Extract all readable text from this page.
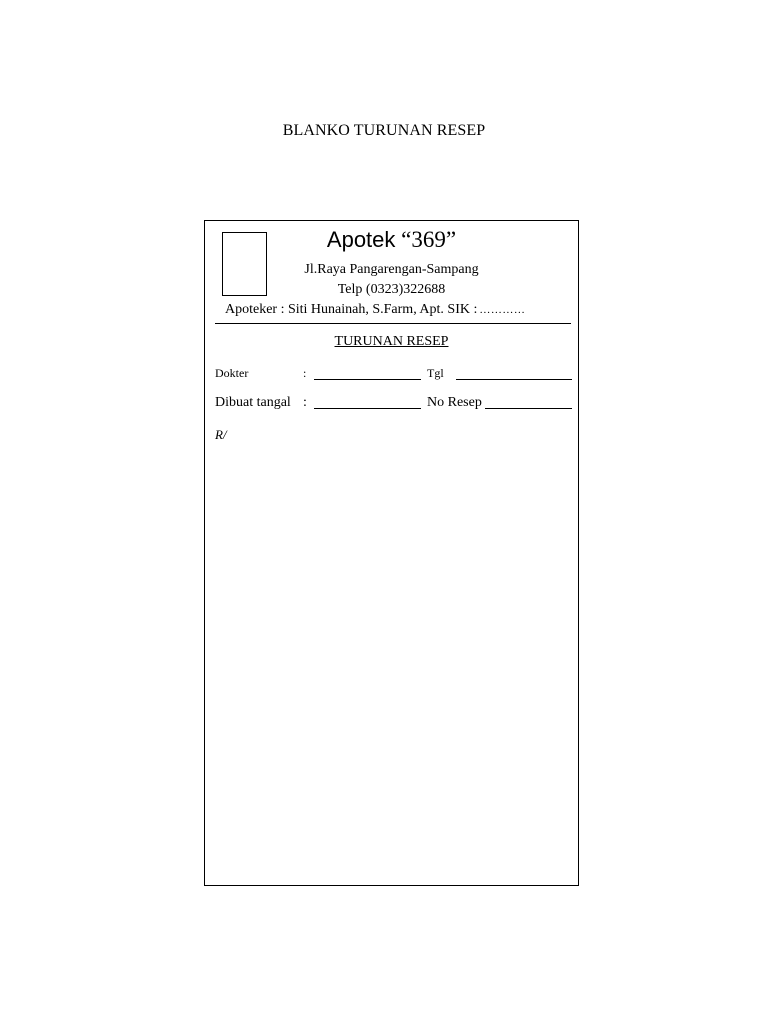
BLANKO TURUNAN RESEP
Apotek “369”
Jl.Raya Pangarengan-Sampang
Telp (0323)322688
Apoteker : Siti Hunainah, S.Farm, Apt. SIK : …………
TURUNAN RESEP
Dokter	:	Tgl
Dibuat tangal :	No Resep
R/
